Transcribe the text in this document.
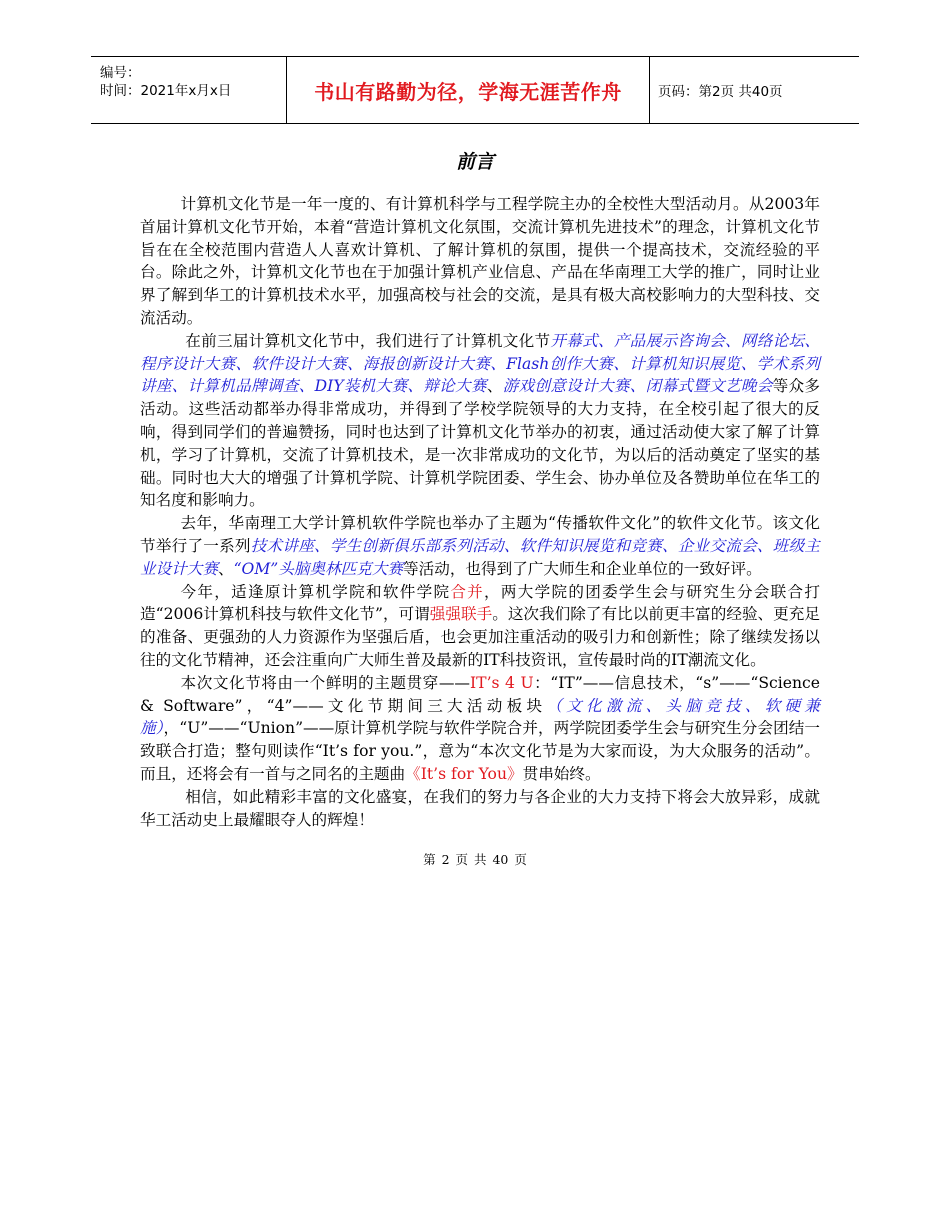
编号：
时间：2021年x月x日	书山有路勤为径，学海无涯苦作舟	页码：第2页 共40页
前言

计算机文化节是一年一度的、有计算机科学与工程学院主办的全校性大型活动月。从2003年首届计算机文化节开始，本着“营造计算机文化氛围，交流计算机先进技术”的理念，计算机文化节旨在在全校范围内营造人人喜欢计算机、了解计算机的氛围，提供一个提高技术，交流经验的平台。除此之外，计算机文化节也在于加强计算机产业信息、产品在华南理工大学的推广，同时让业界了解到华工的计算机技术水平，加强高校与社会的交流，是具有极大高校影响力的大型科技、交流活动。

在前三届计算机文化节中，我们进行了计算机文化节开幕式、产品展示咨询会、网络论坛、程序设计大赛、软件设计大赛、海报创新设计大赛、Flash创作大赛、计算机知识展览、学术系列讲座、计算机品牌调查、DIY装机大赛、辩论大赛、游戏创意设计大赛、闭幕式暨文艺晚会等众多活动。这些活动都举办得非常成功，并得到了学校学院领导的大力支持，在全校引起了很大的反响，得到同学们的普遍赞扬，同时也达到了计算机文化节举办的初衷，通过活动使大家了解了计算机，学习了计算机，交流了计算机技术，是一次非常成功的文化节，为以后的活动奠定了坚实的基础。同时也大大的增强了计算机学院、计算机学院团委、学生会、协办单位及各赞助单位在华工的知名度和影响力。

去年，华南理工大学计算机软件学院也举办了主题为“传播软件文化”的软件文化节。该文化节举行了一系列技术讲座、学生创新俱乐部系列活动、软件知识展览和竞赛、企业交流会、班级主业设计大赛、“OM”头脑奥林匹克大赛等活动，也得到了广大师生和企业单位的一致好评。

今年，适逢原计算机学院和软件学院合并，两大学院的团委学生会与研究生分会联合打造“2006计算机科技与软件文化节”，可谓强强联手。这次我们除了有比以前更丰富的经验、更充足的准备、更强劲的人力资源作为坚强后盾，也会更加注重活动的吸引力和创新性；除了继续发扬以往的文化节精神，还会注重向广大师生普及最新的IT科技资讯，宣传最时尚的IT潮流文化。

本次文化节将由一个鲜明的主题贯穿——IT’s 4 U：“IT”——信息技术，“s”——“Science & Software”，“4”——文化节期间三大活动板块（文化激流、头脑竞技、软硬兼施），“U”——“Union”——原计算机学院与软件学院合并，两学院团委学生会与研究生分会团结一致联合打造；整句则读作“It’s for you.”，意为“本次文化节是为大家而设，为大众服务的活动”。而且，还将会有一首与之同名的主题曲《It’s for You》贯串始终。

相信，如此精彩丰富的文化盛宴，在我们的努力与各企业的大力支持下将会大放异彩，成就华工活动史上最耀眼夺人的辉煌！

第 2 页 共 40 页
